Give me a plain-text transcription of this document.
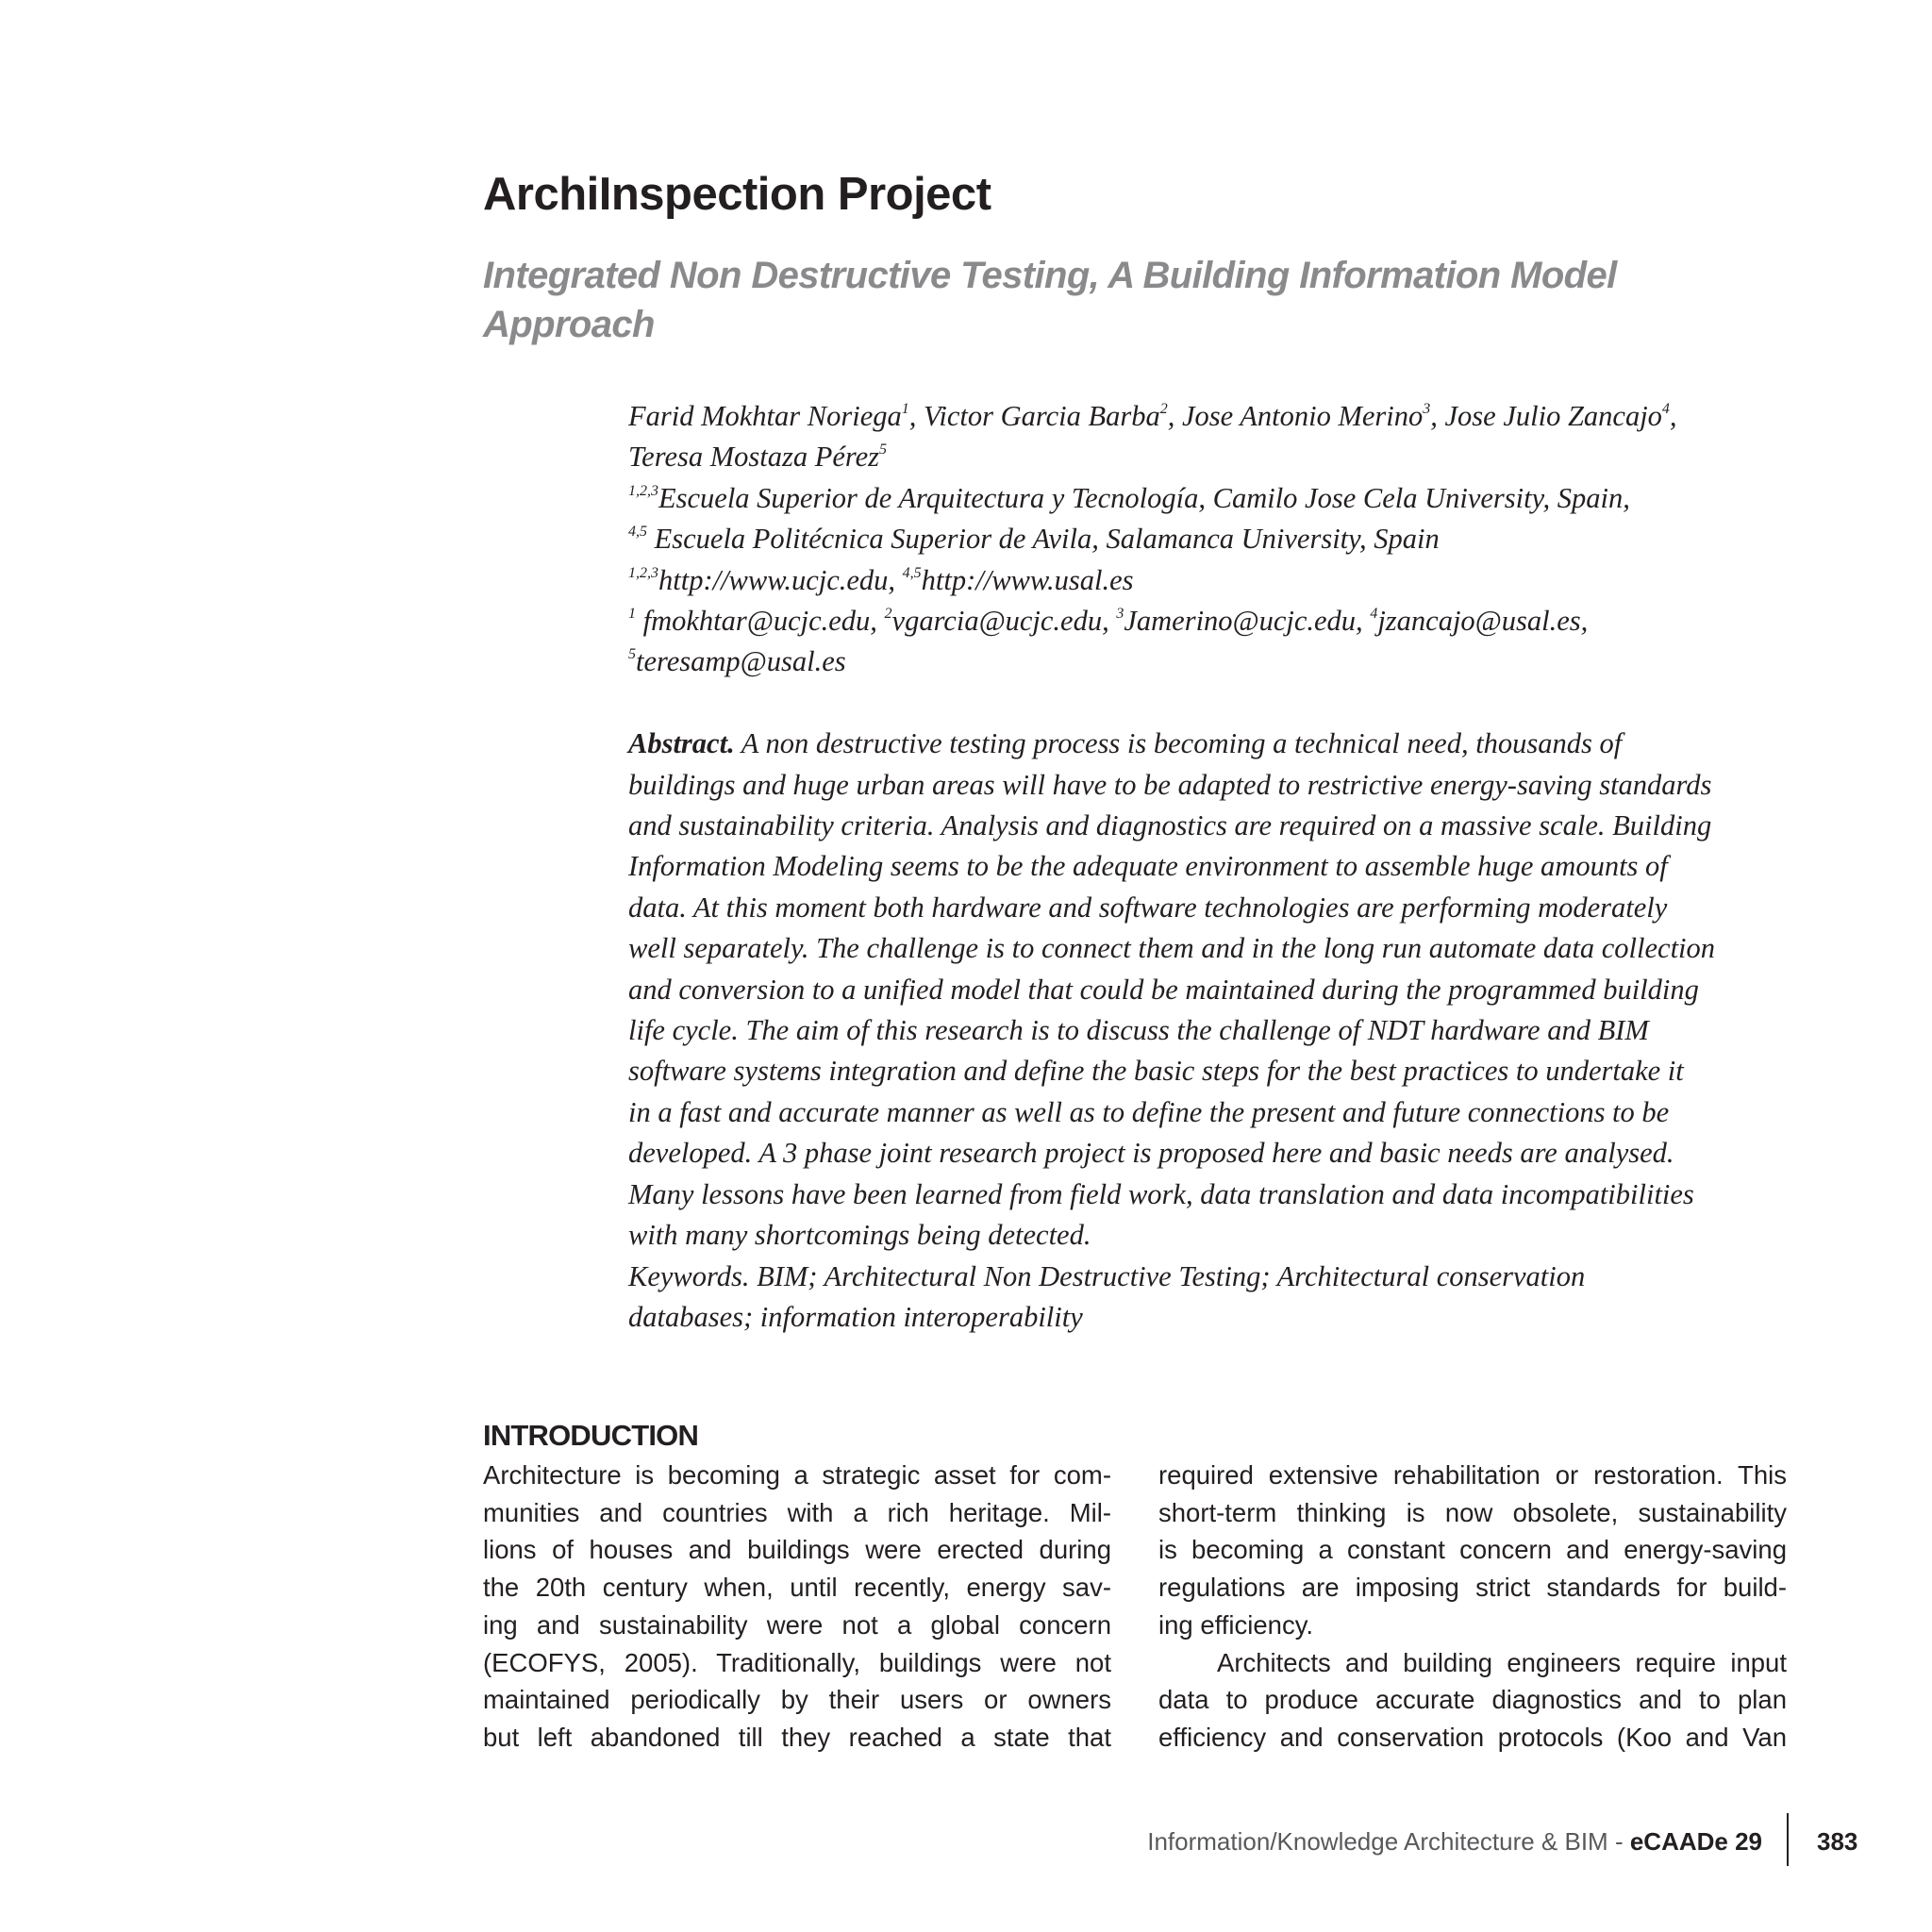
ArchiInspection Project
Integrated Non Destructive Testing, A Building Information Model
Approach
Farid Mokhtar Noriega$^1$, Victor Garcia Barba$^2$, Jose Antonio Merino$^3$, Jose Julio Zancajo$^4$,
Teresa Mostaza Pérez$^5$
$^{1,2,3}$Escuela Superior de Arquitectura y Tecnología, Camilo Jose Cela University, Spain,
$^{4,5}$ Escuela Politécnica Superior de Avila, Salamanca University, Spain
$^{1,2,3}$http://www.ucjc.edu, $^{4,5}$http://www.usal.es
$^1$ fmokhtar@ucjc.edu, $^2$vgarcia@ucjc.edu, $^3$Jamerino@ucjc.edu, $^4$jzancajo@usal.es,
$^5$teresamp@usal.es
Abstract. A non destructive testing process is becoming a technical need, thousands of
buildings and huge urban areas will have to be adapted to restrictive energy-saving standards
and sustainability criteria. Analysis and diagnostics are required on a massive scale. Building
Information Modeling seems to be the adequate environment to assemble huge amounts of
data. At this moment both hardware and software technologies are performing moderately
well separately. The challenge is to connect them and in the long run automate data collection
and conversion to a unified model that could be maintained during the programmed building
life cycle. The aim of this research is to discuss the challenge of NDT hardware and BIM
software systems integration and define the basic steps for the best practices to undertake it
in a fast and accurate manner as well as to define the present and future connections to be
developed. A 3 phase joint research project is proposed here and basic needs are analysed.
Many lessons have been learned from field work, data translation and data incompatibilities
with many shortcomings being detected.
Keywords. BIM; Architectural Non Destructive Testing; Architectural conservation
databases; information interoperability
INTRODUCTION
Architecture is becoming a strategic asset for com-
munities and countries with a rich heritage. Mil-
lions of houses and buildings were erected during
the 20th century when, until recently, energy sav-
ing and sustainability were not a global concern
(ECOFYS, 2005). Traditionally, buildings were not
maintained periodically by their users or owners
but left abandoned till they reached a state that
required extensive rehabilitation or restoration. This
short-term thinking is now obsolete, sustainability
is becoming a constant concern and energy-saving
regulations are imposing strict standards for build-
ing efficiency.
Architects and building engineers require input
data to produce accurate diagnostics and to plan
efficiency and conservation protocols (Koo and Van
Information/Knowledge Architecture & BIM - eCAADe 29 383
